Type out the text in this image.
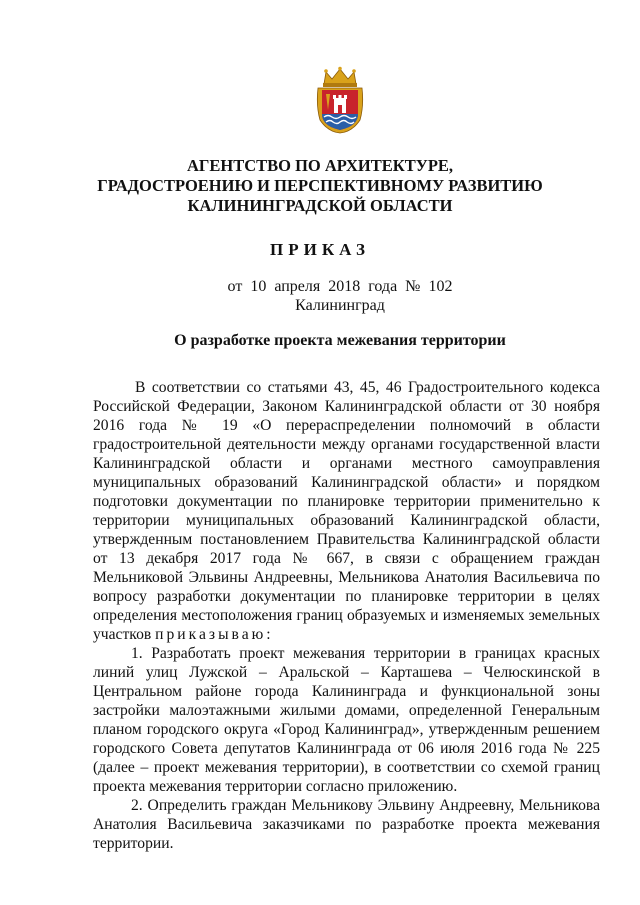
АГЕНТСТВО ПО АРХИТЕКТУРЕ,
ГРАДОСТРОЕНИЮ И ПЕРСПЕКТИВНОМУ РАЗВИТИЮ
КАЛИНИНГРАДСКОЙ ОБЛАСТИ
ПРИКАЗ
от 10 апреля 2018 года № 102
Калининград
О разработке проекта межевания территории

В соответствии со статьями 43, 45, 46 Градостроительного кодекса Российской Федерации, Законом Калининградской области от 30 ноября 2016 года № 19 «О перераспределении полномочий в области градостроительной деятельности между органами государственной власти Калининградской области и органами местного самоуправления муниципальных образований Калининградской области» и порядком подготовки документации по планировке территории применительно к территории муниципальных образований Калининградской области, утвержденным постановлением Правительства Калининградской области от 13 декабря 2017 года № 667, в связи с обращением граждан Мельниковой Эльвины Андреевны, Мельникова Анатолия Васильевича по вопросу разработки документации по планировке территории в целях определения местоположения границ образуемых и изменяемых земельных участков приказываю:

1. Разработать проект межевания территории в границах красных линий улиц Лужской – Аральской – Карташева – Челюскинской в Центральном районе города Калининграда и функциональной зоны застройки малоэтажными жилыми домами, определенной Генеральным планом городского округа «Город Калининград», утвержденным решением городского Совета депутатов Калининграда от 06 июля 2016 года № 225 (далее – проект межевания территории), в соответствии со схемой границ проекта межевания территории согласно приложению.

2. Определить граждан Мельникову Эльвину Андреевну, Мельникова Анатолия Васильевича заказчиками по разработке проекта межевания территории.
